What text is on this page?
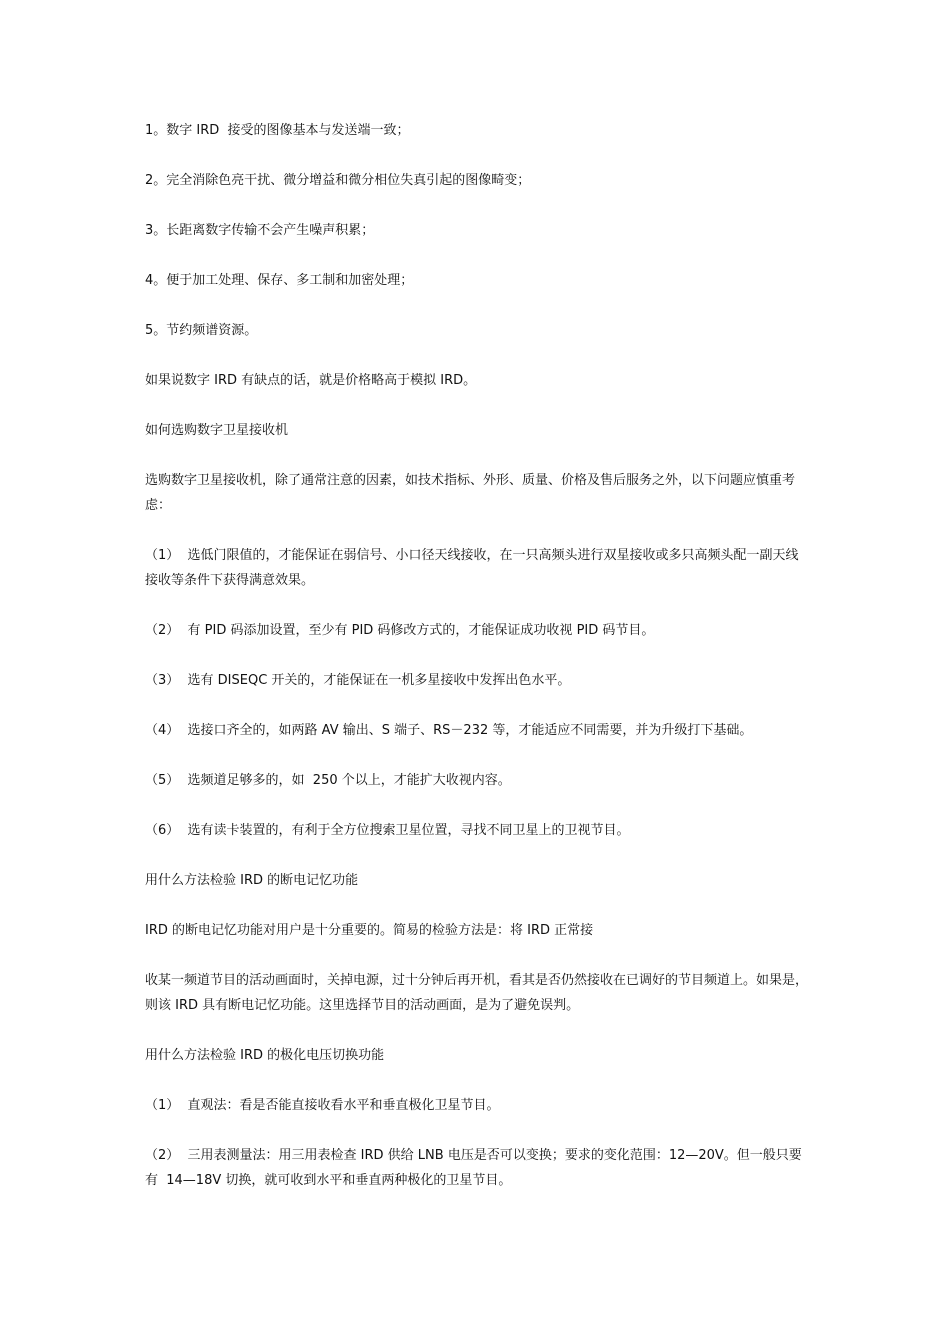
1。数字 IRD  接受的图像基本与发送端一致；

2。完全消除色亮干扰、微分增益和微分相位失真引起的图像畸变；

3。长距离数字传输不会产生噪声积累；

4。便于加工处理、保存、多工制和加密处理；

5。节约频谱资源。

如果说数字 IRD 有缺点的话，就是价格略高于模拟 IRD。

如何选购数字卫星接收机

选购数字卫星接收机，除了通常注意的因素，如技术指标、外形、质量、价格及售后服务之外，以下问题应慎重考虑：

（1）  选低门限值的，才能保证在弱信号、小口径天线接收，在一只高频头进行双星接收或多只高频头配一副天线接收等条件下获得满意效果。

（2）  有 PID 码添加设置，至少有 PID 码修改方式的，才能保证成功收视 PID 码节目。

（3）  选有 DISEQC 开关的，才能保证在一机多星接收中发挥出色水平。

（4）  选接口齐全的，如两路 AV 输出、S 端子、RS－232 等，才能适应不同需要，并为升级打下基础。

（5）  选频道足够多的，如  250 个以上，才能扩大收视内容。

（6）  选有读卡装置的，有利于全方位搜索卫星位置，寻找不同卫星上的卫视节目。

用什么方法检验 IRD 的断电记忆功能

IRD 的断电记忆功能对用户是十分重要的。简易的检验方法是：将 IRD 正常接

收某一频道节目的活动画面时，关掉电源，过十分钟后再开机，看其是否仍然接收在已调好的节目频道上。如果是，则该 IRD 具有断电记忆功能。这里选择节目的活动画面，是为了避免误判。

用什么方法检验 IRD 的极化电压切换功能

（1）  直观法：看是否能直接收看水平和垂直极化卫星节目。

（2）  三用表测量法：用三用表检查 IRD 供给 LNB 电压是否可以变换；要求的变化范围：12—20V。但一般只要有  14—18V 切换，就可收到水平和垂直两种极化的卫星节目。
